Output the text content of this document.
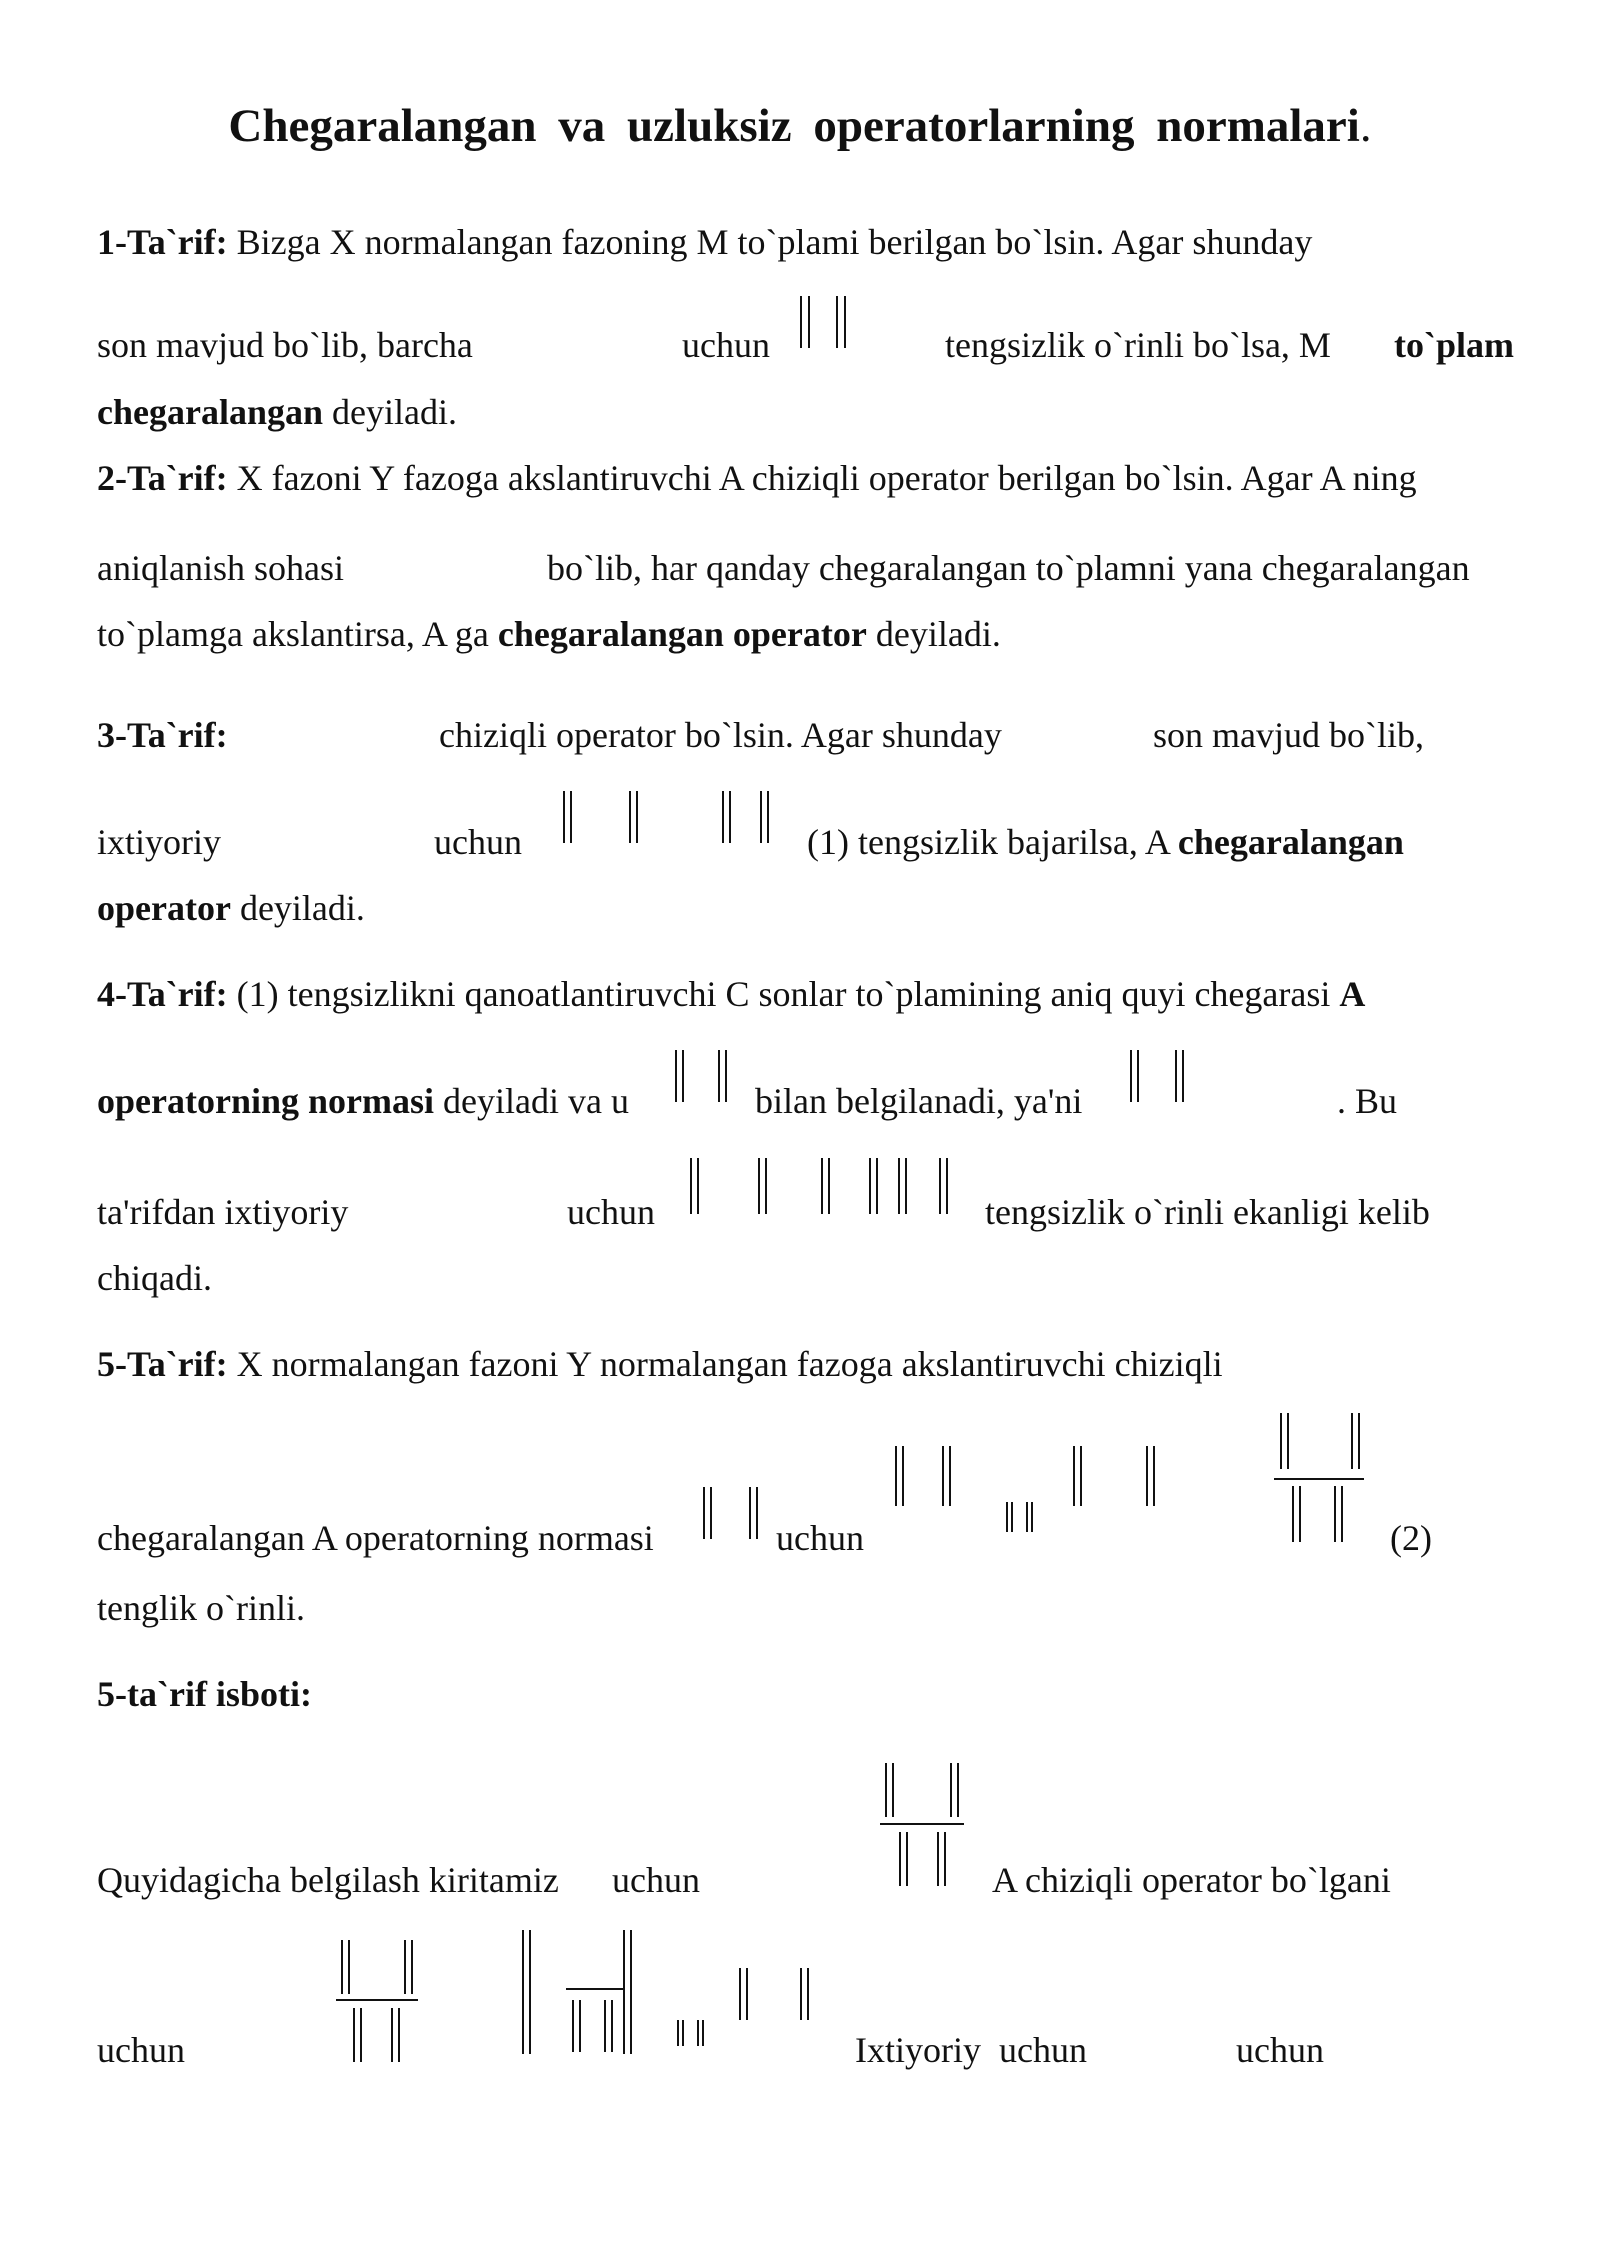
Chegaralangan va uzluksiz operatorlarning normalari.
1-Ta`rif: Bizga X normalangan fazoning M to`plami berilgan bo`lsin. Agar shunday
son mavjud bo`lib, barcha	uchun	tengsizlik o`rinli bo`lsa, M to`plam
chegaralangan deyiladi.
2-Ta`rif: X fazoni Y fazoga akslantiruvchi A chiziqli operator berilgan bo`lsin. Agar A ning
aniqlanish sohasi	bo`lib, har qanday chegaralangan to`plamni yana chegaralangan
to`plamga akslantirsa, A ga chegaralangan operator deyiladi.
3-Ta`rif:	chiziqli operator bo`lsin. Agar shunday	son mavjud bo`lib,
ixtiyoriy	uchun	(1) tengsizlik bajarilsa, A chegaralangan
operator deyiladi.
4-Ta`rif: (1) tengsizlikni qanoatlantiruvchi C sonlar to`plamining aniq quyi chegarasi A
operatorning normasi deyiladi va u	bilan belgilanadi, ya'ni	. Bu
ta'rifdan ixtiyoriy	uchun	tengsizlik o`rinli ekanligi kelib
chiqadi.
5-Ta`rif: X normalangan fazoni Y normalangan fazoga akslantiruvchi chiziqli
chegaralangan A operatorning normasi	uchun	(2)
tenglik o`rinli.
5-ta`rif isboti:
Quyidagicha belgilash kiritamiz uchun	A chiziqli operator bo`lgani
uchun	Ixtiyoriy uchun	uchun
